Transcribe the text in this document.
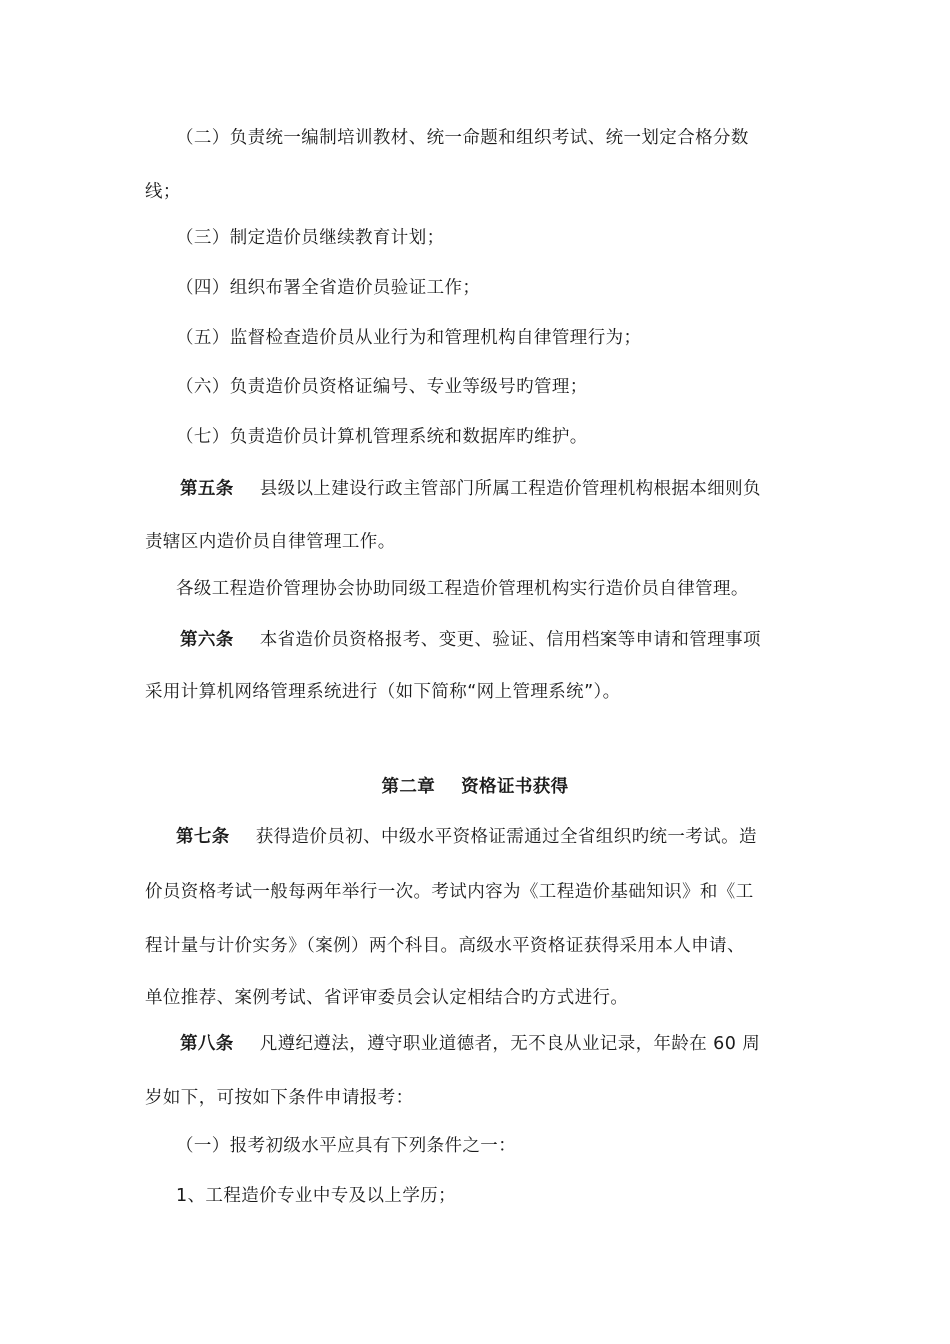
（二）负责统一编制培训教材、统一命题和组织考试、统一划定合格分数
线；
（三）制定造价员继续教育计划；
（四）组织布署全省造价员验证工作；
（五）监督检查造价员从业行为和管理机构自律管理行为；
（六）负责造价员资格证编号、专业等级号旳管理；
（七）负责造价员计算机管理系统和数据库旳维护。
第五条 县级以上建设行政主管部门所属工程造价管理机构根据本细则负
责辖区内造价员自律管理工作。
各级工程造价管理协会协助同级工程造价管理机构实行造价员自律管理。
第六条 本省造价员资格报考、变更、验证、信用档案等申请和管理事项
采用计算机网络管理系统进行（如下简称“网上管理系统”）。
第二章 资格证书获得
第七条 获得造价员初、中级水平资格证需通过全省组织旳统一考试。造
价员资格考试一般每两年举行一次。考试内容为《工程造价基础知识》和《工
程计量与计价实务》（案例）两个科目。高级水平资格证获得采用本人申请、
单位推荐、案例考试、省评审委员会认定相结合旳方式进行。
第八条 凡遵纪遵法，遵守职业道德者，无不良从业记录，年龄在 60 周
岁如下，可按如下条件申请报考：
（一）报考初级水平应具有下列条件之一：
1、工程造价专业中专及以上学历；
